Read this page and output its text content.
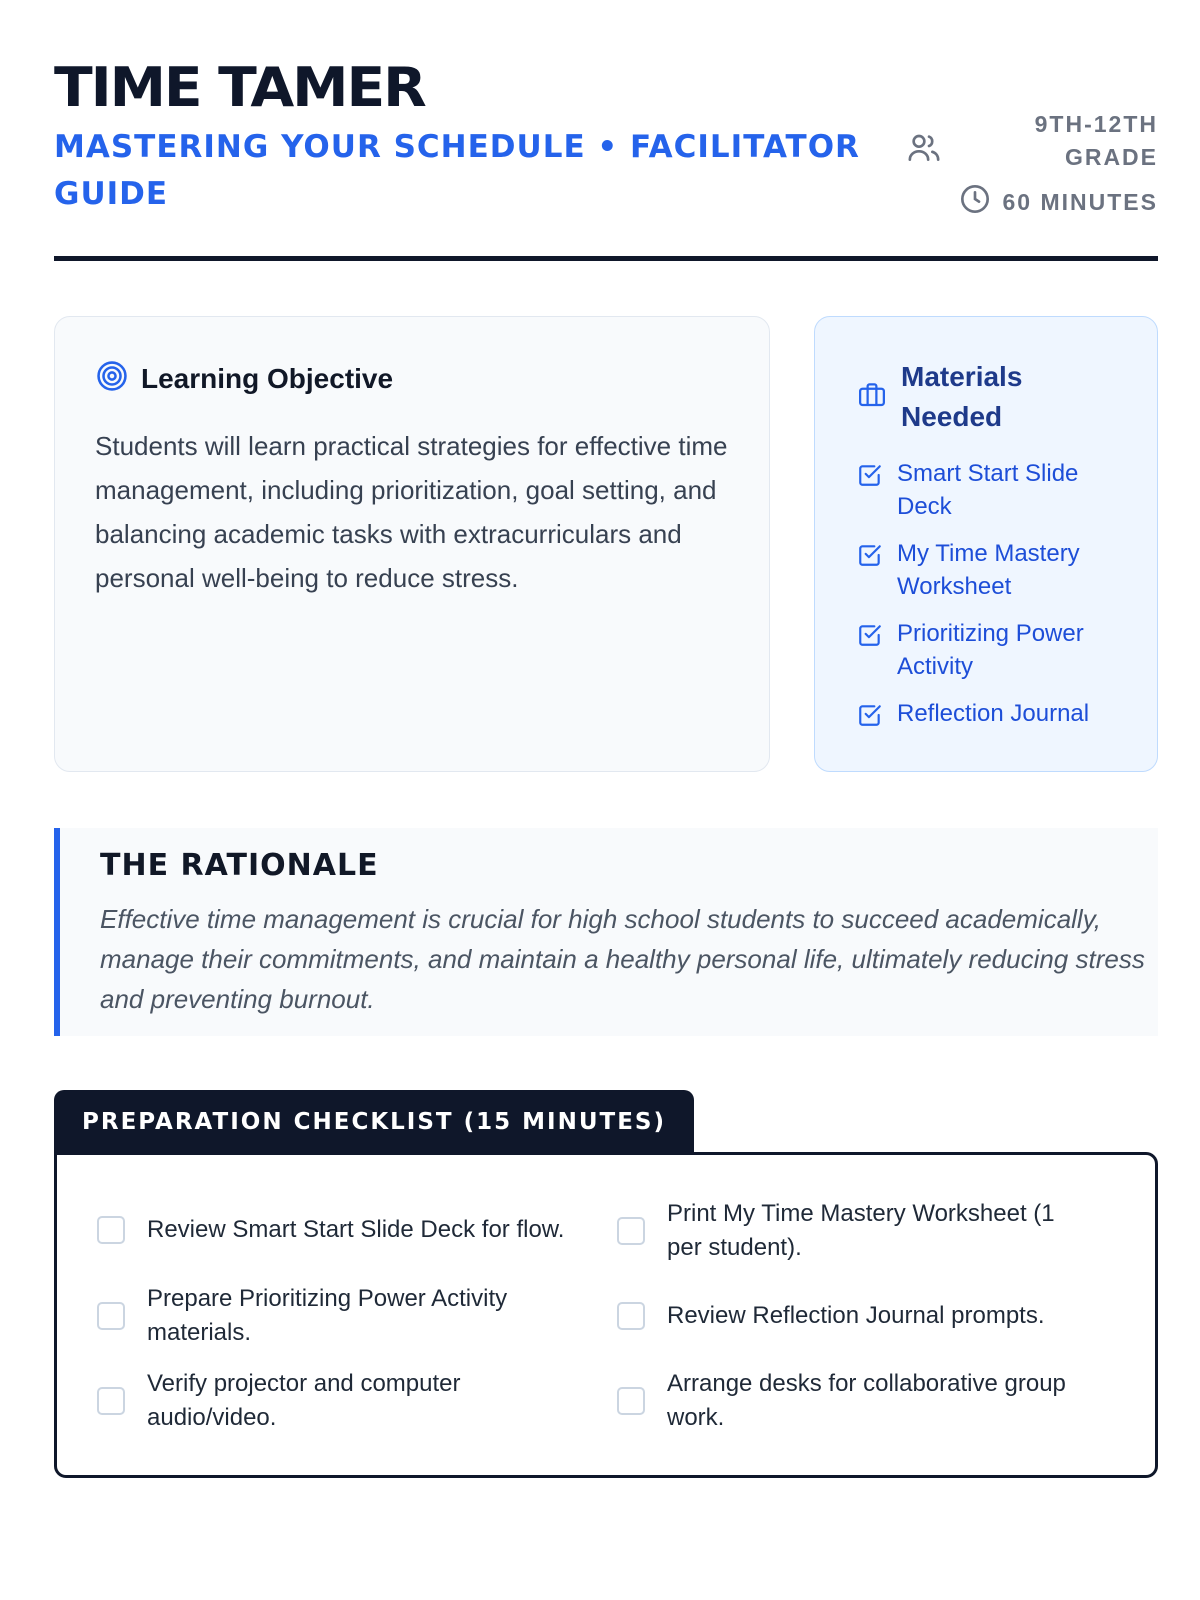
TIME TAMER
MASTERING YOUR SCHEDULE • FACILITATOR GUIDE
9TH-12TH GRADE
60 MINUTES
Learning Objective

Students will learn practical strategies for effective time management, including prioritization, goal setting, and balancing academic tasks with extracurriculars and personal well-being to reduce stress.

Materials Needed
Smart Start Slide Deck
My Time Mastery Worksheet
Prioritizing Power Activity
Reflection Journal
THE RATIONALE

Effective time management is crucial for high school students to succeed academically, manage their commitments, and maintain a healthy personal life, ultimately reducing stress and preventing burnout.

PREPARATION CHECKLIST (15 MINUTES)
Review Smart Start Slide Deck for flow.
Print My Time Mastery Worksheet (1 per student).
Prepare Prioritizing Power Activity materials.
Review Reflection Journal prompts.
Verify projector and computer audio/video.
Arrange desks for collaborative group work.
